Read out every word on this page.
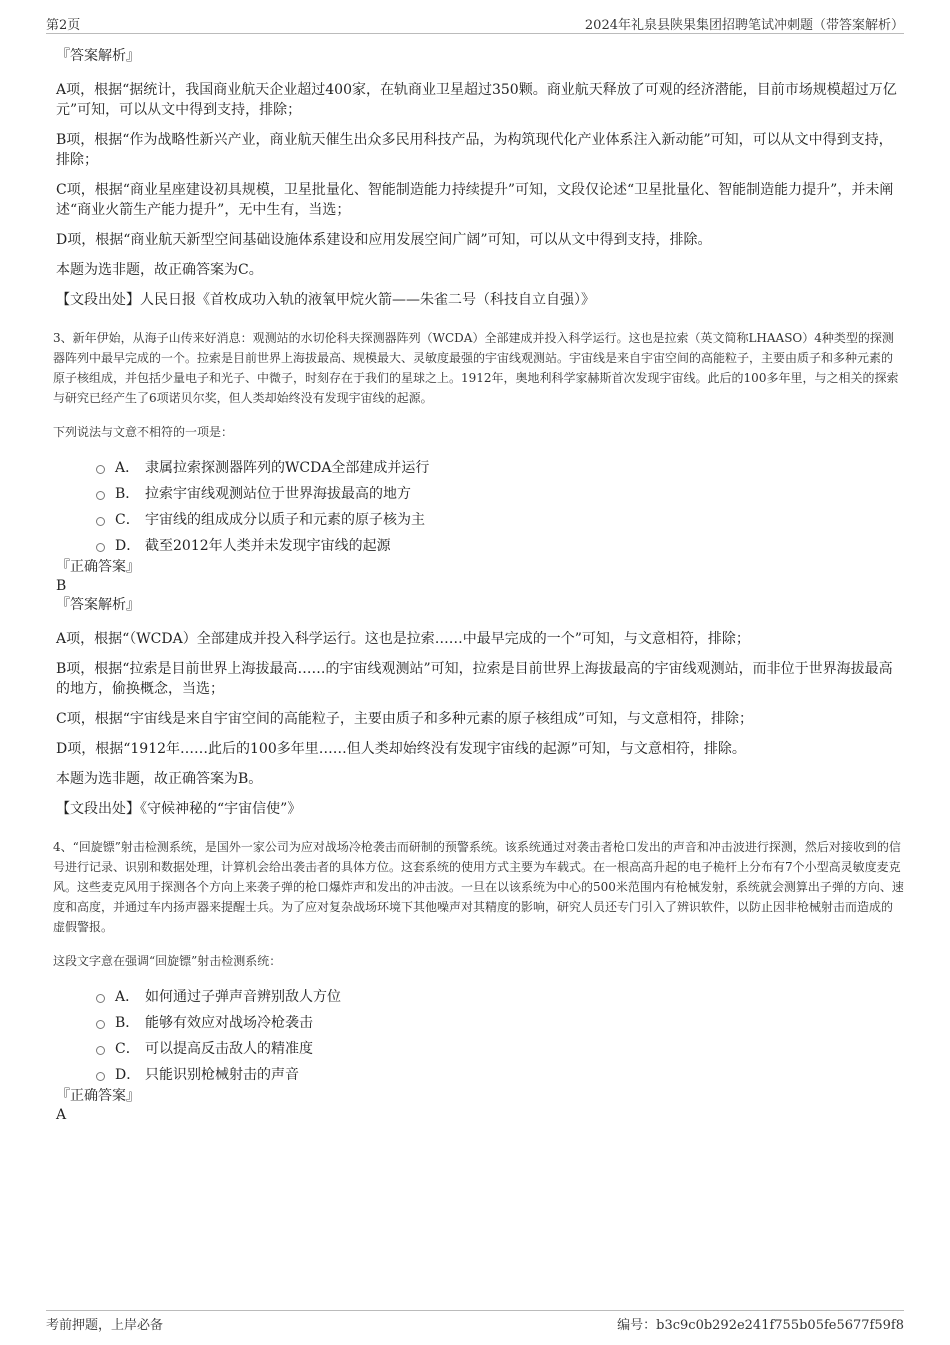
第2页	2024年礼泉县陕果集团招聘笔试冲刺题（带答案解析）

『答案解析』

A项，根据“据统计，我国商业航天企业超过400家，在轨商业卫星超过350颗。商业航天释放了可观的经济潜能，目前市场规模超过万亿元”可知，可以从文中得到支持，排除；

B项，根据“作为战略性新兴产业，商业航天催生出众多民用科技产品，为构筑现代化产业体系注入新动能”可知，可以从文中得到支持，排除；

C项，根据“商业星座建设初具规模，卫星批量化、智能制造能力持续提升”可知，文段仅论述“卫星批量化、智能制造能力提升”，并未阐述“商业火箭生产能力提升”，无中生有，当选；

D项，根据“商业航天新型空间基础设施体系建设和应用发展空间广阔”可知，可以从文中得到支持，排除。

本题为选非题，故正确答案为C。

【文段出处】人民日报《首枚成功入轨的液氧甲烷火箭——朱雀二号（科技自立自强）》

3、新年伊始，从海子山传来好消息：观测站的水切伦科夫探测器阵列（WCDA）全部建成并投入科学运行。这也是拉索（英文简称LHAASO）4种类型的探测器阵列中最早完成的一个。拉索是目前世界上海拔最高、规模最大、灵敏度最强的宇宙线观测站。宇宙线是来自宇宙空间的高能粒子，主要由质子和多种元素的原子核组成，并包括少量电子和光子、中微子，时刻存在于我们的星球之上。1912年，奥地利科学家赫斯首次发现宇宙线。此后的100多年里，与之相关的探索与研究已经产生了6项诺贝尔奖，但人类却始终没有发现宇宙线的起源。

下列说法与文意不相符的一项是：

A． 隶属拉索探测器阵列的WCDA全部建成并运行
B． 拉索宇宙线观测站位于世界海拔最高的地方
C． 宇宙线的组成成分以质子和元素的原子核为主
D． 截至2012年人类并未发现宇宙线的起源

『正确答案』

B

『答案解析』

A项，根据“（WCDA）全部建成并投入科学运行。这也是拉索……中最早完成的一个”可知，与文意相符，排除；

B项，根据“拉索是目前世界上海拔最高……的宇宙线观测站”可知，拉索是目前世界上海拔最高的宇宙线观测站，而非位于世界海拔最高的地方，偷换概念，当选；

C项，根据“宇宙线是来自宇宙空间的高能粒子，主要由质子和多种元素的原子核组成”可知，与文意相符，排除；

D项，根据“1912年……此后的100多年里……但人类却始终没有发现宇宙线的起源”可知，与文意相符，排除。

本题为选非题，故正确答案为B。

【文段出处】《守候神秘的“宇宙信使”》

4、“回旋镖”射击检测系统，是国外一家公司为应对战场冷枪袭击而研制的预警系统。该系统通过对袭击者枪口发出的声音和冲击波进行探测，然后对接收到的信号进行记录、识别和数据处理，计算机会给出袭击者的具体方位。这套系统的使用方式主要为车载式。在一根高高升起的电子桅杆上分布有7个小型高灵敏度麦克风。这些麦克风用于探测各个方向上来袭子弹的枪口爆炸声和发出的冲击波。一旦在以该系统为中心的500米范围内有枪械发射，系统就会测算出子弹的方向、速度和高度，并通过车内扬声器来提醒士兵。为了应对复杂战场环境下其他噪声对其精度的影响，研究人员还专门引入了辨识软件，以防止因非枪械射击而造成的虚假警报。

这段文字意在强调“回旋镖”射击检测系统：

A． 如何通过子弹声音辨别敌人方位
B． 能够有效应对战场冷枪袭击
C． 可以提高反击敌人的精准度
D． 只能识别枪械射击的声音

『正确答案』

A

考前押题，上岸必备	编号：b3c9c0b292e241f755b05fe5677f59f8
